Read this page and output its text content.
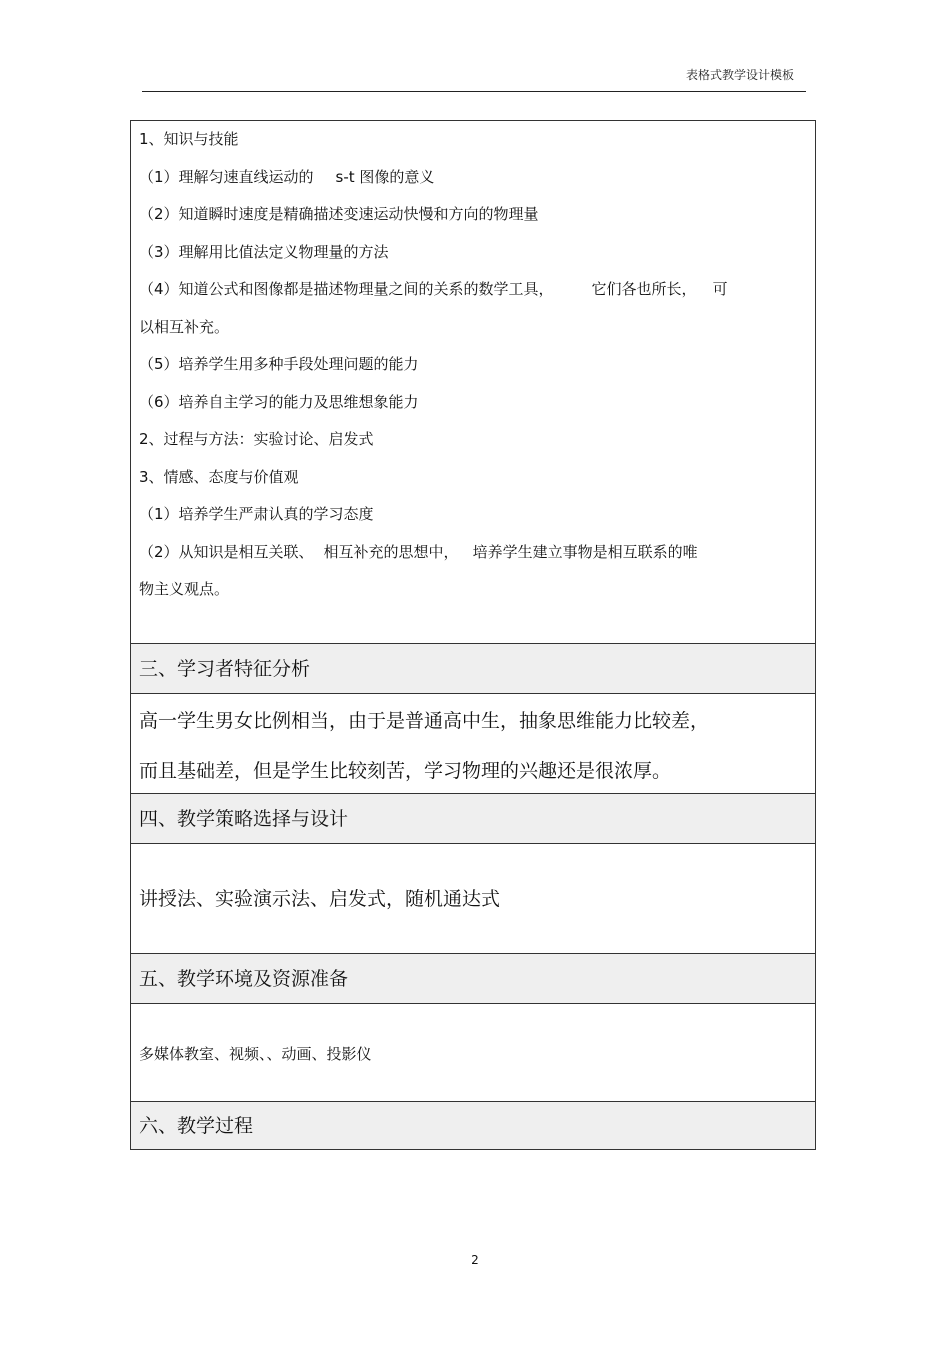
表格式教学设计模板
1、知识与技能
（1）理解匀速直线运动的 s-t 图像的意义
（2）知道瞬时速度是精确描述变速运动快慢和方向的物理量
（3）理解用比值法定义物理量的方法
（4）知道公式和图像都是描述物理量之间的关系的数学工具，	它们各也所长， 可
以相互补充。
（5）培养学生用多种手段处理问题的能力
（6）培养自主学习的能力及思维想象能力
2、过程与方法：实验讨论、启发式
3、情感、态度与价值观
（1）培养学生严肃认真的学习态度
（2）从知识是相互关联、 相互补充的思想中， 培养学生建立事物是相互联系的唯
物主义观点。
三、学习者特征分析
高一学生男女比例相当，由于是普通高中生，抽象思维能力比较差，
而且基础差，但是学生比较刻苦，学习物理的兴趣还是很浓厚。
四、教学策略选择与设计
讲授法、实验演示法、启发式，随机通达式
五、教学环境及资源准备
多媒体教室、视频、、动画、投影仪
六、教学过程
2
